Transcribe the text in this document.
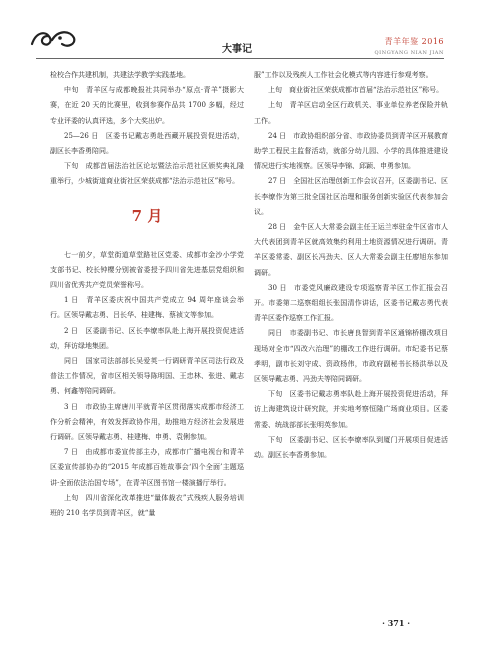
大事记
青羊年鉴 2016
QINGYANG NIAN JIAN

检校合作共建机制，共建法学教学实践基地。

中旬　青羊区与成都晚报社共同举办“原点·青羊”摄影大赛，在近 20 天的比赛里，收到参赛作品共 1700 多幅，经过专业评委的认真评选，多个大奖出炉。

25—26 日　区委书记戴志勇赴西藏开展投资促进活动，副区长李香勇陪同。

下旬　成都首届法治社区论坛暨法治示范社区颁奖典礼隆重举行，少城街道商业街社区荣获成都“法治示范社区”称号。

7 月

七一前夕，草堂街道草堂路社区党委、成都市金沙小学党支部书记、校长钟樱分别被省委授予四川省先进基层党组织和四川省优秀共产党员荣誉称号。

1 日　青羊区委庆祝中国共产党成立 94 周年座谈会举行。区领导戴志勇、吕长华、桂建梅、蔡祯文等参加。

2 日　区委副书记、区长李缭率队赴上海开展投资促进活动，拜访绿地集团。

同日　国家司法部部长吴爱英一行调研青羊区司法行政及普法工作情况，省市区相关领导陈明国、王忠林、张进、戴志勇、何鑫等陪同调研。

3 日　市政协主席唐川平就青羊区贯彻落实成都市经济工作分析会精神，有效发挥政协作用，助推地方经济社会发展进行调研。区领导戴志勇、桂建梅、申勇、袁俐参加。

7 日　由成都市委宣传部主办，成都市广播电视台和青羊区委宣传部协办的“2015 年成都百姓故事会‘四个全面’主题巡讲·全面依法治国专场”，在青羊区图书馆一楼演播厅举行。

上旬　四川省深化改革推进“量体裁衣”式残疾人服务培训班的 210 名学员到青羊区，就“量

服”工作以及残疾人工作社会化模式等内容进行参观考察。

上旬　商业街社区荣获成都市首届“法治示范社区”称号。

上旬　青羊区启动全区行政机关、事业单位养老保险并轨工作。

24 日　市政协组织部分省、市政协委员到青羊区开展教育助学工程民主监督活动，就部分幼儿园、小学的具体推进建设情况进行实地视察。区领导李锦、邱颖、申勇参加。

27 日　全国社区治理创新工作会议召开，区委副书记、区长李缭作为第三批全国社区治理和服务创新实验区代表参加会议。

28 日　金牛区人大常委会副主任王运兰率驻金牛区省市人大代表团到青羊区就高效集约利用土地资源情况进行调研。青羊区委常委、副区长冯劲夫、区人大常委会副主任廖旭东参加调研。

30 日　市委党风廉政建设专项巡察青羊区工作汇报会召开。市委第二巡察组组长张国清作讲话，区委书记戴志勇代表青羊区委作巡察工作汇报。

同日　市委副书记、市长唐良智到青羊区通锦桥棚改项目现场对全市“四改六治理”的棚改工作进行调研。市纪委书记蔡孝明，副市长刘守成、资政杨伟，市政府副秘书长杨洪举以及区领导戴志勇、冯劲夫等陪同调研。

下旬　区委书记戴志勇率队赴上海开展投资促进活动，拜访上海建筑设计研究院，并实地考察恒隆广场商业项目。区委常委、统战部部长张明英参加。

下旬　区委副书记、区长李缭率队到厦门开展项目促进活动。副区长李香勇参加。

· 371 ·
